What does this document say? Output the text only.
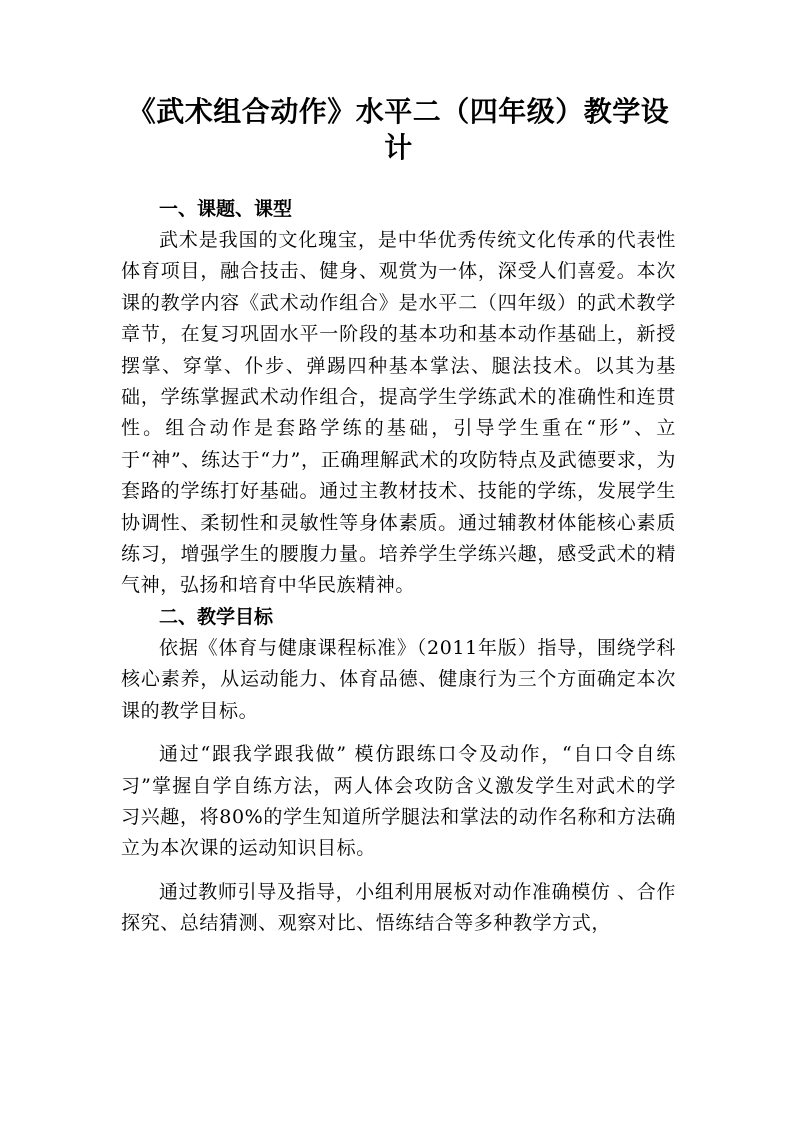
《武术组合动作》水平二（四年级）教学设计
一、课题、课型

武术是我国的文化瑰宝，是中华优秀传统文化传承的代表性体育项目，融合技击、健身、观赏为一体，深受人们喜爱。本次课的教学内容《武术动作组合》是水平二（四年级）的武术教学章节，在复习巩固水平一阶段的基本功和基本动作基础上，新授摆掌、穿掌、仆步、弹踢四种基本掌法、腿法技术。以其为基础，学练掌握武术动作组合，提高学生学练武术的准确性和连贯性。组合动作是套路学练的基础，引导学生重在“形”、立于“神”、练达于“力”，正确理解武术的攻防特点及武德要求，为套路的学练打好基础。通过主教材技术、技能的学练，发展学生协调性、柔韧性和灵敏性等身体素质。通过辅教材体能核心素质练习，增强学生的腰腹力量。培养学生学练兴趣，感受武术的精气神，弘扬和培育中华民族精神。

二、教学目标

依据《体育与健康课程标准》（2011年版）指导，围绕学科核心素养，从运动能力、体育品德、健康行为三个方面确定本次课的教学目标。

通过“跟我学跟我做” 模仿跟练口令及动作，“自口令自练习”掌握自学自练方法，两人体会攻防含义激发学生对武术的学习兴趣，将80%的学生知道所学腿法和掌法的动作名称和方法确立为本次课的运动知识目标。

通过教师引导及指导，小组利用展板对动作准确模仿 、合作探究、总结猜测、观察对比、悟练结合等多种教学方式，
